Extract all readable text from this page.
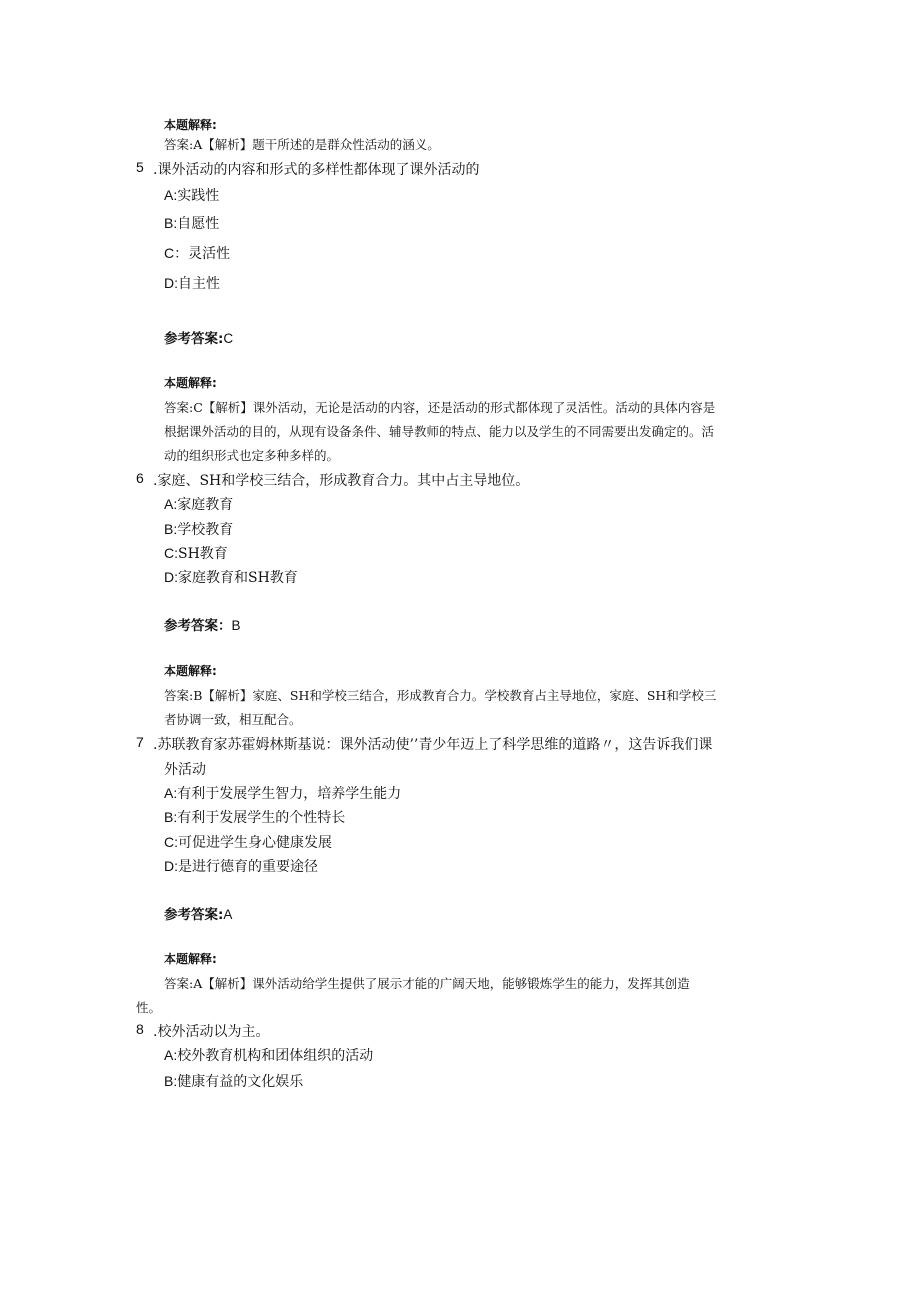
本题解释:
答案:A【解析】题干所述的是群众性活动的涵义。
5 .课外活动的内容和形式的多样性都体现了课外活动的
A:实践性
B:自愿性
C：灵活性
D:自主性
参考答案:C
本题解释:
答案:C【解析】课外活动，无论是活动的内容，还是活动的形式都体现了灵活性。活动的具体内容是
根据课外活动的目的，从现有设备条件、辅导教师的特点、能力以及学生的不同需要出发确定的。活
动的组织形式也定多种多样的。
6 .家庭、SH和学校三结合，形成教育合力。其中占主导地位。
A:家庭教育
B:学校教育
C:SH教育
D:家庭教育和SH教育
参考答案：B
本题解释:
答案:B【解析】家庭、SH和学校三结合，形成教育合力。学校教育占主导地位，家庭、SH和学校三
者协调一致，相互配合。
7 .苏联教育家苏霍姆林斯基说：课外活动使’’青少年迈上了科学思维的道路〃，这告诉我们课
外活动
A:有利于发展学生智力，培养学生能力
B:有利于发展学生的个性特长
C:可促进学生身心健康发展
D:是进行德育的重要途径
参考答案:A
本题解释:
答案:A【解析】课外活动给学生提供了展示才能的广阔天地，能够锻炼学生的能力，发挥其创造
性。
8 .校外活动以为主。
A:校外教育机构和团体组织的活动
B:健康有益的文化娱乐
